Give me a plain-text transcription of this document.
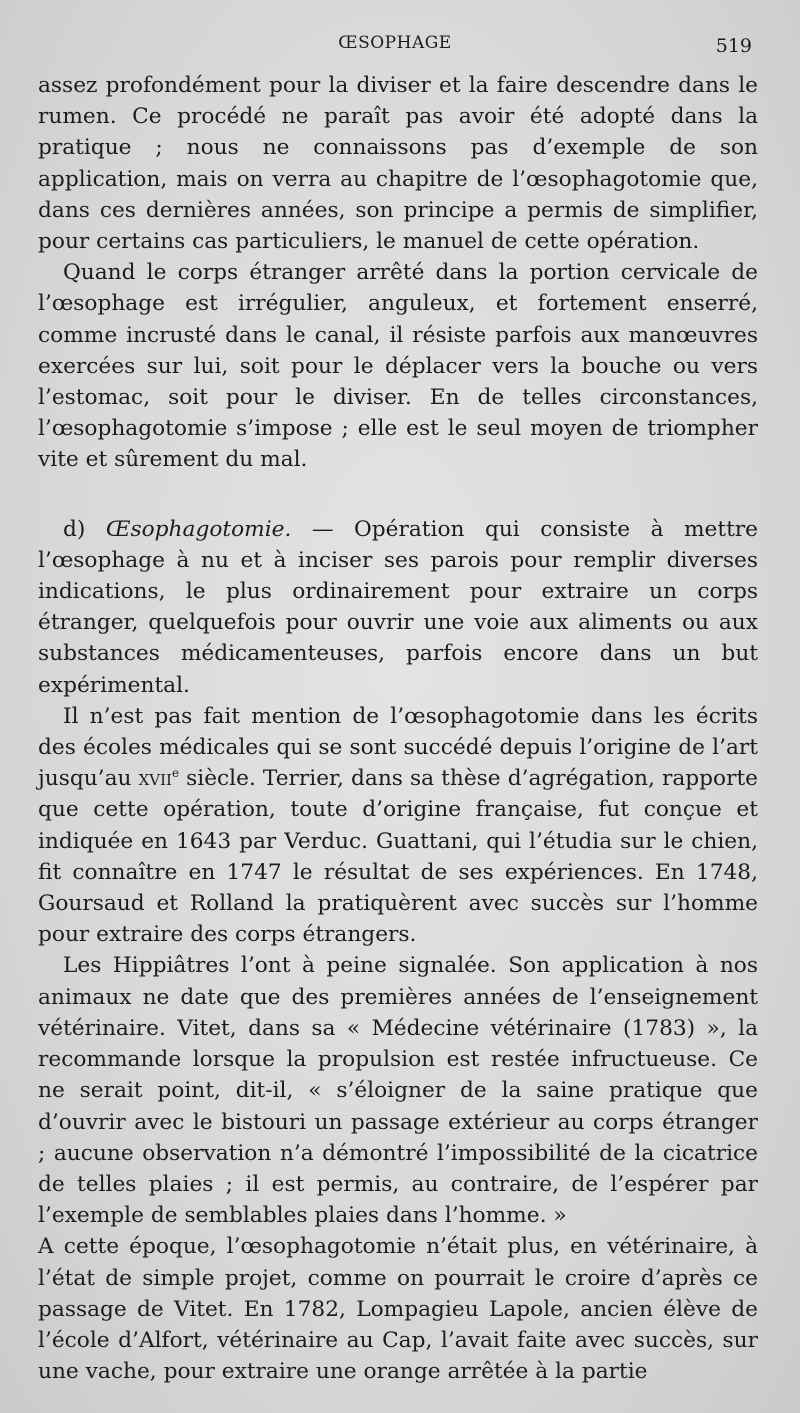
ŒSOPHAGE	519

assez profondément pour la diviser et la faire descendre dans le rumen. Ce procédé ne paraît pas avoir été adopté dans la pratique ; nous ne connaissons pas d’exemple de son application, mais on verra au chapitre de l’œsophagotomie que, dans ces dernières années, son principe a permis de simplifier, pour certains cas particuliers, le manuel de cette opération.

Quand le corps étranger arrêté dans la portion cervicale de l’œsophage est irrégulier, anguleux, et fortement enserré, comme incrusté dans le canal, il résiste parfois aux manœuvres exercées sur lui, soit pour le déplacer vers la bouche ou vers l’estomac, soit pour le diviser. En de telles circonstances, l’œsophagotomie s’impose ; elle est le seul moyen de triompher vite et sûrement du mal.

d) Œsophagotomie. — Opération qui consiste à mettre l’œsophage à nu et à inciser ses parois pour remplir diverses indications, le plus ordinairement pour extraire un corps étranger, quelquefois pour ouvrir une voie aux aliments ou aux substances médicamenteuses, parfois encore dans un but expérimental.

Il n’est pas fait mention de l’œsophagotomie dans les écrits des écoles médicales qui se sont succédé depuis l’origine de l’art jusqu’au xvii$^e$ siècle. Terrier, dans sa thèse d’agrégation, rapporte que cette opération, toute d’origine française, fut conçue et indiquée en 1643 par Verduc. Guattani, qui l’étudia sur le chien, fit connaître en 1747 le résultat de ses expériences. En 1748, Goursaud et Rolland la pratiquèrent avec succès sur l’homme pour extraire des corps étrangers.

Les Hippiâtres l’ont à peine signalée. Son application à nos animaux ne date que des premières années de l’enseignement vétérinaire. Vitet, dans sa « Médecine vétérinaire (1783) », la recommande lorsque la propulsion est restée infructueuse. Ce ne serait point, dit-il, « s’éloigner de la saine pratique que d’ouvrir avec le bistouri un passage extérieur au corps étranger ; aucune observation n’a démontré l’impossibilité de la cicatrice de telles plaies ; il est permis, au contraire, de l’espérer par l’exemple de semblables plaies dans l’homme. »

A cette époque, l’œsophagotomie n’était plus, en vétérinaire, à l’état de simple projet, comme on pourrait le croire d’après ce passage de Vitet. En 1782, Lompagieu Lapole, ancien élève de l’école d’Alfort, vétérinaire au Cap, l’avait faite avec succès, sur une vache, pour extraire une orange arrêtée à la partie
